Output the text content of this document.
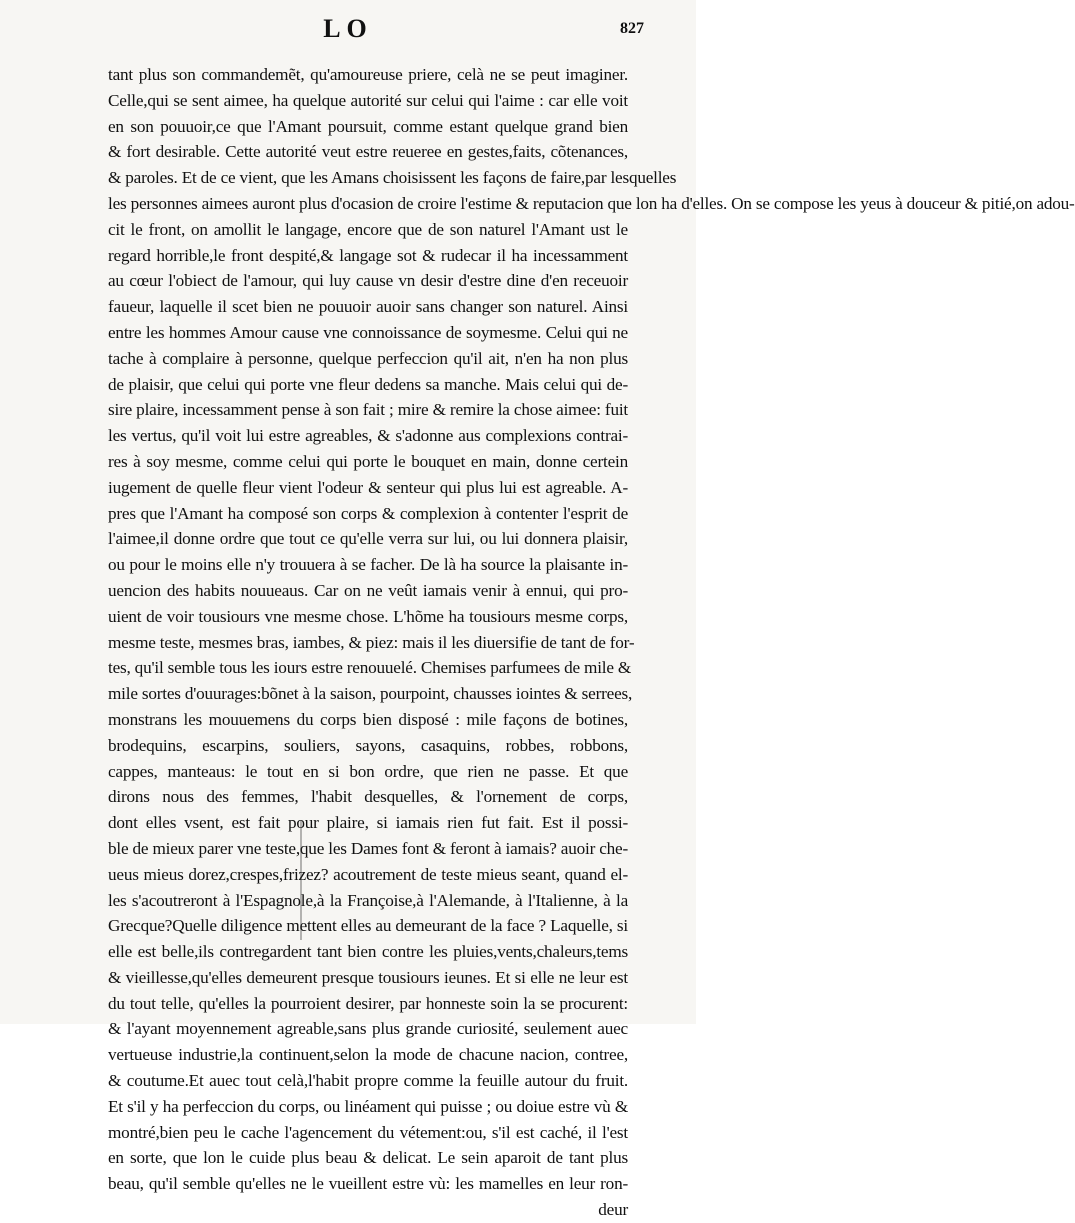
LO	827
tant plus son commandemẽt, qu'amoureuse priere, celà ne se peut imaginer.
Celle,qui se sent aimee, ha quelque autorité sur celui qui l'aime : car elle voit
en son pouuoir,ce que l'Amant poursuit, comme estant quelque grand bien
& fort desirable. Cette autorité veut estre reueree en gestes,faits, cõtenances,
& paroles. Et de ce vient, que les Amans choisissent les façons de faire,par lesquelles
les personnes aimees auront plus d'ocasion de croire l'estime & reputacion que lon ha d'elles. On se compose les yeus à douceur & pitié,on adou-
cit le front, on amollit le langage, encore que de son naturel l'Amant ust le
regard horrible,le front despité,& langage sot & rudecar il ha incessamment
au cœur l'obiect de l'amour, qui luy cause vn desir d'estre dine d'en receuoir
faueur, laquelle il scet bien ne pouuoir auoir sans changer son naturel. Ainsi
entre les hommes Amour cause vne connoissance de soymesme. Celui qui ne
tache à complaire à personne, quelque perfeccion qu'il ait, n'en ha non plus
de plaisir, que celui qui porte vne fleur dedens sa manche. Mais celui qui de-
sire plaire, incessamment pense à son fait ; mire & remire la chose aimee: fuit
les vertus, qu'il voit lui estre agreables, & s'adonne aus complexions contrai-
res à soy mesme, comme celui qui porte le bouquet en main, donne certein
iugement de quelle fleur vient l'odeur & senteur qui plus lui est agreable. A-
pres que l'Amant ha composé son corps & complexion à contenter l'esprit de
l'aimee,il donne ordre que tout ce qu'elle verra sur lui, ou lui donnera plaisir,
ou pour le moins elle n'y trouuera à se facher. De là ha source la plaisante in-
uencion des habits nouueaus. Car on ne veût iamais venir à ennui, qui pro-
uient de voir tousiours vne mesme chose. L'hõme ha tousiours mesme corps,
mesme teste, mesmes bras, iambes, & piez: mais il les diuersifie de tant de for-
tes, qu'il semble tous les iours estre renouuelé. Chemises parfumees de mile &
mile sortes d'ouurages:bõnet à la saison, pourpoint, chausses iointes & serrees,
monstrans les mouuemens du corps bien disposé : mile façons de botines,
brodequins, escarpins, souliers, sayons, casaquins, robbes, robbons,
cappes, manteaus: le tout en si bon ordre, que rien ne passe. Et que
dirons nous des femmes, l'habit desquelles, & l'ornement de corps,
dont elles vsent, est fait pour plaire, si iamais rien fut fait. Est il possi-
ble de mieux parer vne teste,que les Dames font & feront à iamais? auoir che-
ueus mieus dorez,crespes,frizez? acoutrement de teste mieus seant, quand el-
les s'acoutreront à l'Espagnole,à la Françoise,à l'Alemande, à l'Italienne, à la
Grecque?Quelle diligence mettent elles au demeurant de la face ? Laquelle, si
elle est belle,ils contregardent tant bien contre les pluies,vents,chaleurs,tems
& vieillesse,qu'elles demeurent presque tousiours ieunes. Et si elle ne leur est
du tout telle, qu'elles la pourroient desirer, par honneste soin la se procurent:
& l'ayant moyennement agreable,sans plus grande curiosité, seulement auec
vertueuse industrie,la continuent,selon la mode de chacune nacion, contree,
& coutume.Et auec tout celà,l'habit propre comme la feuille autour du fruit.
Et s'il y ha perfeccion du corps, ou linéament qui puisse ; ou doiue estre vù &
montré,bien peu le cache l'agencement du vétement:ou, s'il est caché, il l'est
en sorte, que lon le cuide plus beau & delicat. Le sein aparoit de tant plus
beau, qu'il semble qu'elles ne le vueillent estre vù: les mamelles en leur ron-
deur
